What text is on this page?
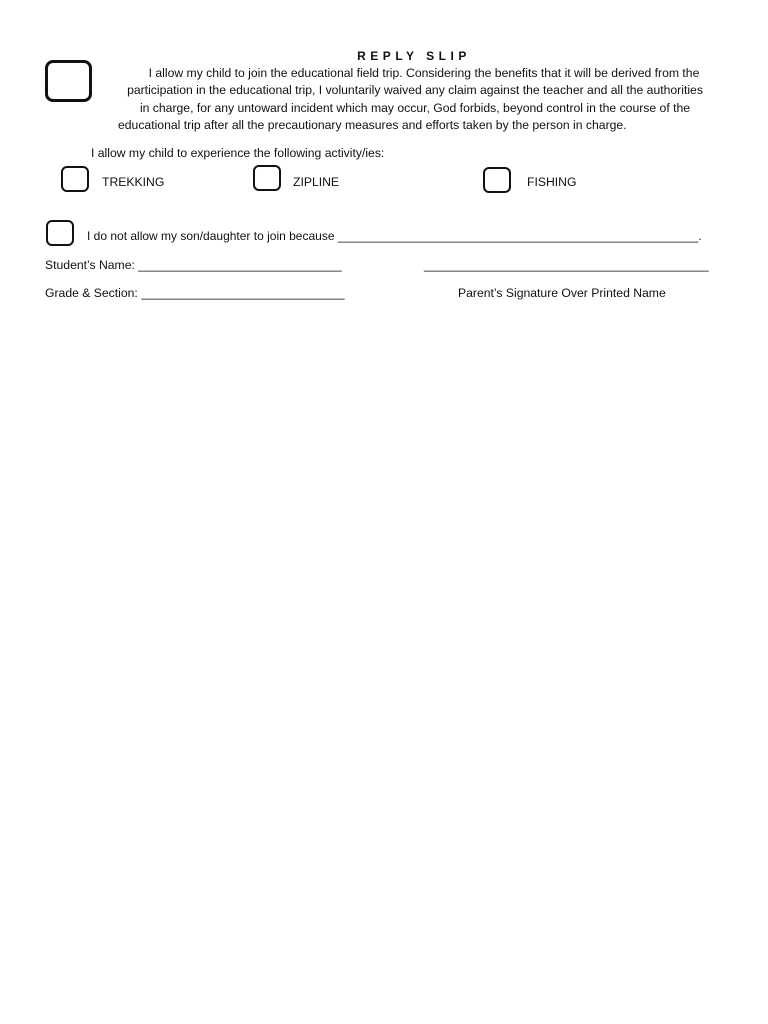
REPLY SLIP
I allow my child to join the educational field trip. Considering the benefits that it will be derived from the
participation in the educational trip, I voluntarily waived any claim against the teacher and all the authorities
in charge, for any untoward incident which may occur, God forbids, beyond control in the course of the
educational trip after all the precautionary measures and efforts taken by the person in charge.
I allow my child to experience the following activity/ies:
TREKKING	ZIPLINE	FISHING
I do not allow my son/daughter to join because ______________________________________________________.
Student’s Name: ______________________________	__________________________________________
Grade & Section: ______________________________	Parent’s Signature Over Printed Name
